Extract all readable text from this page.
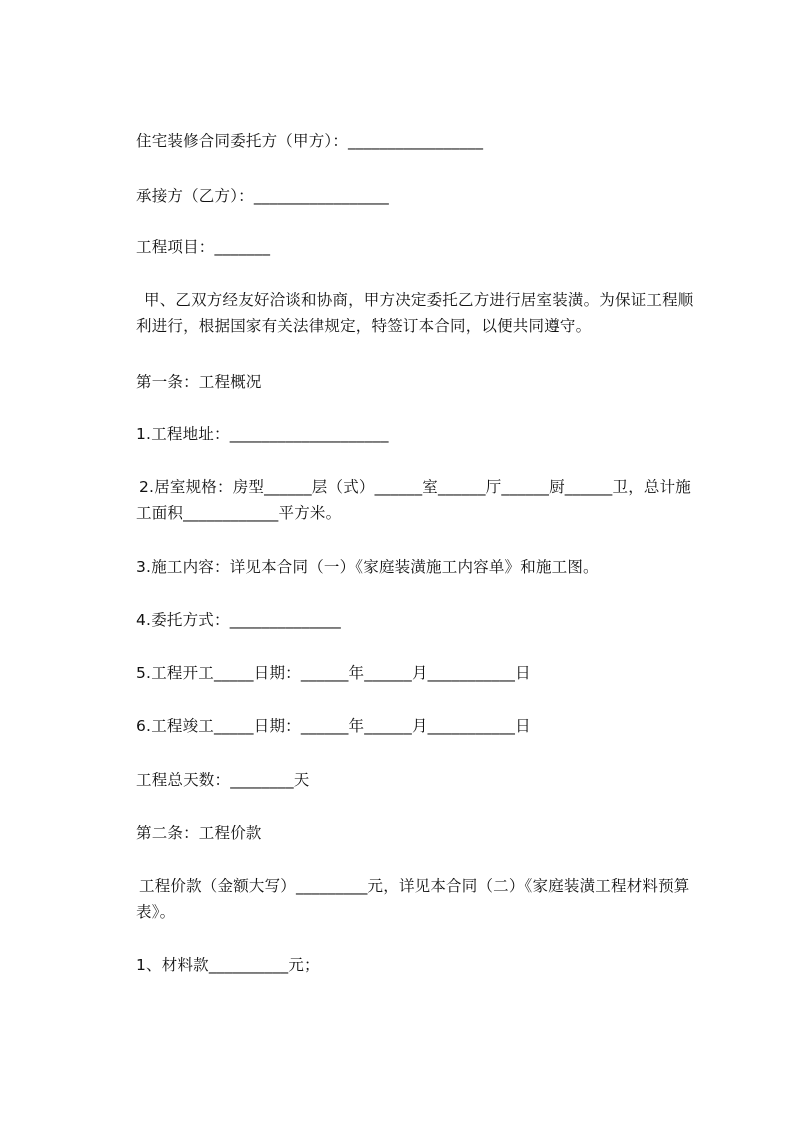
住宅装修合同委托方（甲方）：_________________
承接方（乙方）：_________________
工程项目：_______
甲、乙双方经友好洽谈和协商，甲方决定委托乙方进行居室装潢。为保证工程顺
利进行，根据国家有关法律规定，特签订本合同，以便共同遵守。
第一条：工程概况
1.工程地址：____________________
2.居室规格：房型______层（式）______室______厅______厨______卫，总计施
工面积____________平方米。
3.施工内容：详见本合同（一）《家庭装潢施工内容单》和施工图。
4.委托方式：______________
5.工程开工_____日期：______年______月___________日
6.工程竣工_____日期：______年______月___________日
工程总天数：________天
第二条：工程价款
工程价款（金额大写）_________元，详见本合同（二）《家庭装潢工程材料预算
表》。
1、材料款__________元；
